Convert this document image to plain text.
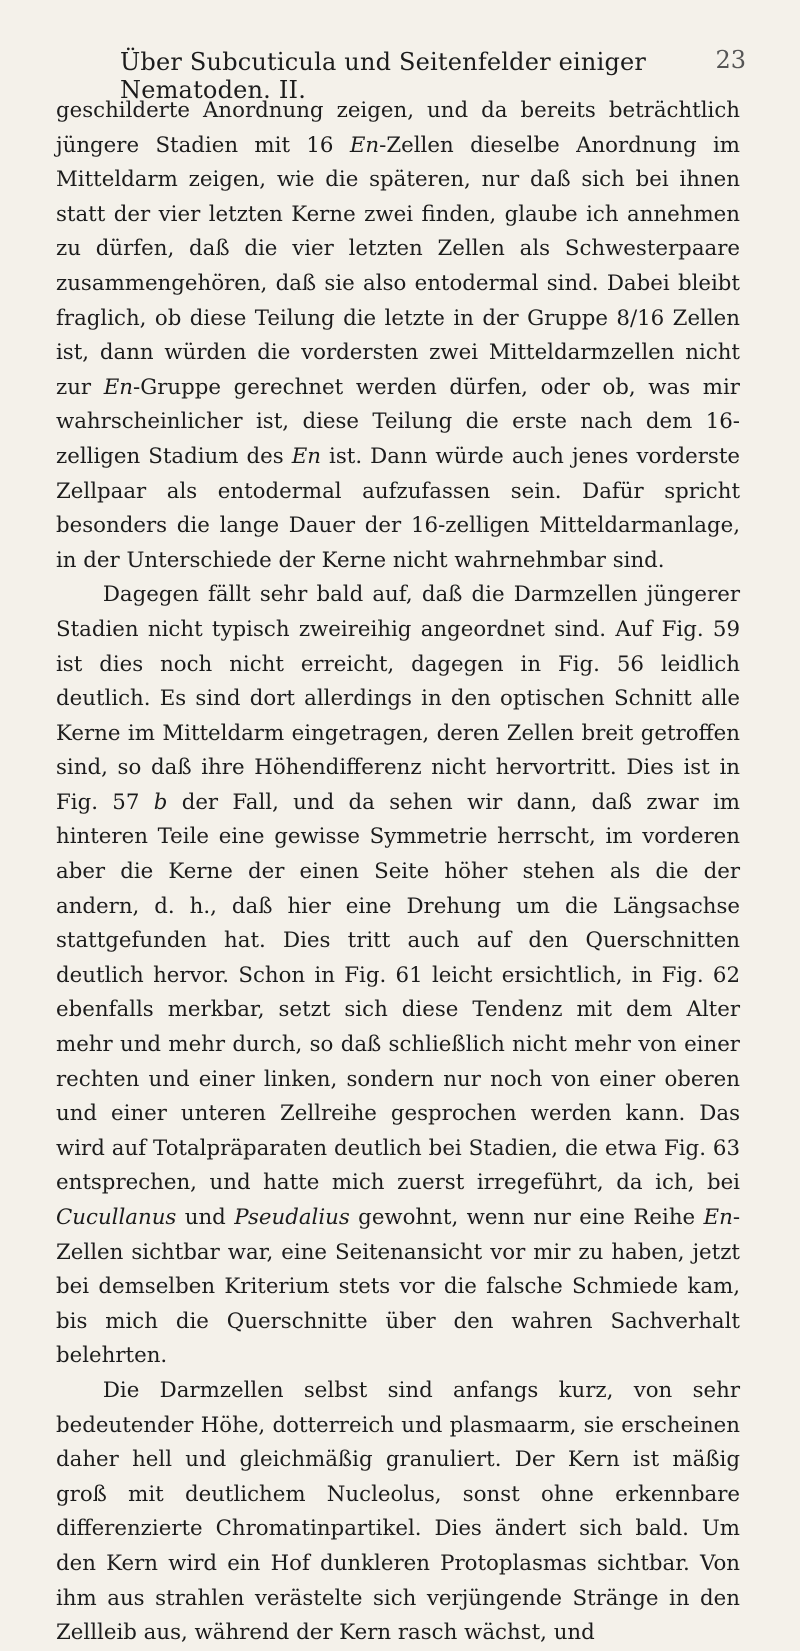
Über Subcuticula und Seitenfelder einiger Nematoden. II.
23

geschilderte Anordnung zeigen, und da bereits beträchtlich jüngere Stadien mit 16 En-Zellen dieselbe Anordnung im Mitteldarm zeigen, wie die späteren, nur daß sich bei ihnen statt der vier letzten Kerne zwei finden, glaube ich annehmen zu dürfen, daß die vier letzten Zellen als Schwesterpaare zusammengehören, daß sie also entodermal sind. Dabei bleibt fraglich, ob diese Teilung die letzte in der Gruppe 8/16 Zellen ist, dann würden die vordersten zwei Mitteldarmzellen nicht zur En-Gruppe gerechnet werden dürfen, oder ob, was mir wahrscheinlicher ist, diese Teilung die erste nach dem 16-zelligen Stadium des En ist. Dann würde auch jenes vorderste Zellpaar als entodermal aufzufassen sein. Dafür spricht besonders die lange Dauer der 16-zelligen Mitteldarmanlage, in der Unterschiede der Kerne nicht wahrnehmbar sind.

Dagegen fällt sehr bald auf, daß die Darmzellen jüngerer Stadien nicht typisch zweireihig angeordnet sind. Auf Fig. 59 ist dies noch nicht erreicht, dagegen in Fig. 56 leidlich deutlich. Es sind dort allerdings in den optischen Schnitt alle Kerne im Mitteldarm eingetragen, deren Zellen breit getroffen sind, so daß ihre Höhendifferenz nicht hervortritt. Dies ist in Fig. 57 b der Fall, und da sehen wir dann, daß zwar im hinteren Teile eine gewisse Symmetrie herrscht, im vorderen aber die Kerne der einen Seite höher stehen als die der andern, d. h., daß hier eine Drehung um die Längsachse stattgefunden hat. Dies tritt auch auf den Querschnitten deutlich hervor. Schon in Fig. 61 leicht ersichtlich, in Fig. 62 ebenfalls merkbar, setzt sich diese Tendenz mit dem Alter mehr und mehr durch, so daß schließlich nicht mehr von einer rechten und einer linken, sondern nur noch von einer oberen und einer unteren Zellreihe gesprochen werden kann. Das wird auf Totalpräparaten deutlich bei Stadien, die etwa Fig. 63 entsprechen, und hatte mich zuerst irregeführt, da ich, bei Cucullanus und Pseudalius gewohnt, wenn nur eine Reihe En-Zellen sichtbar war, eine Seitenansicht vor mir zu haben, jetzt bei demselben Kriterium stets vor die falsche Schmiede kam, bis mich die Querschnitte über den wahren Sachverhalt belehrten.

Die Darmzellen selbst sind anfangs kurz, von sehr bedeutender Höhe, dotterreich und plasmaarm, sie erscheinen daher hell und gleichmäßig granuliert. Der Kern ist mäßig groß mit deutlichem Nucleolus, sonst ohne erkennbare differenzierte Chromatinpartikel. Dies ändert sich bald. Um den Kern wird ein Hof dunkleren Protoplasmas sichtbar. Von ihm aus strahlen verästelte sich verjüngende Stränge in den Zellleib aus, während der Kern rasch wächst, und
